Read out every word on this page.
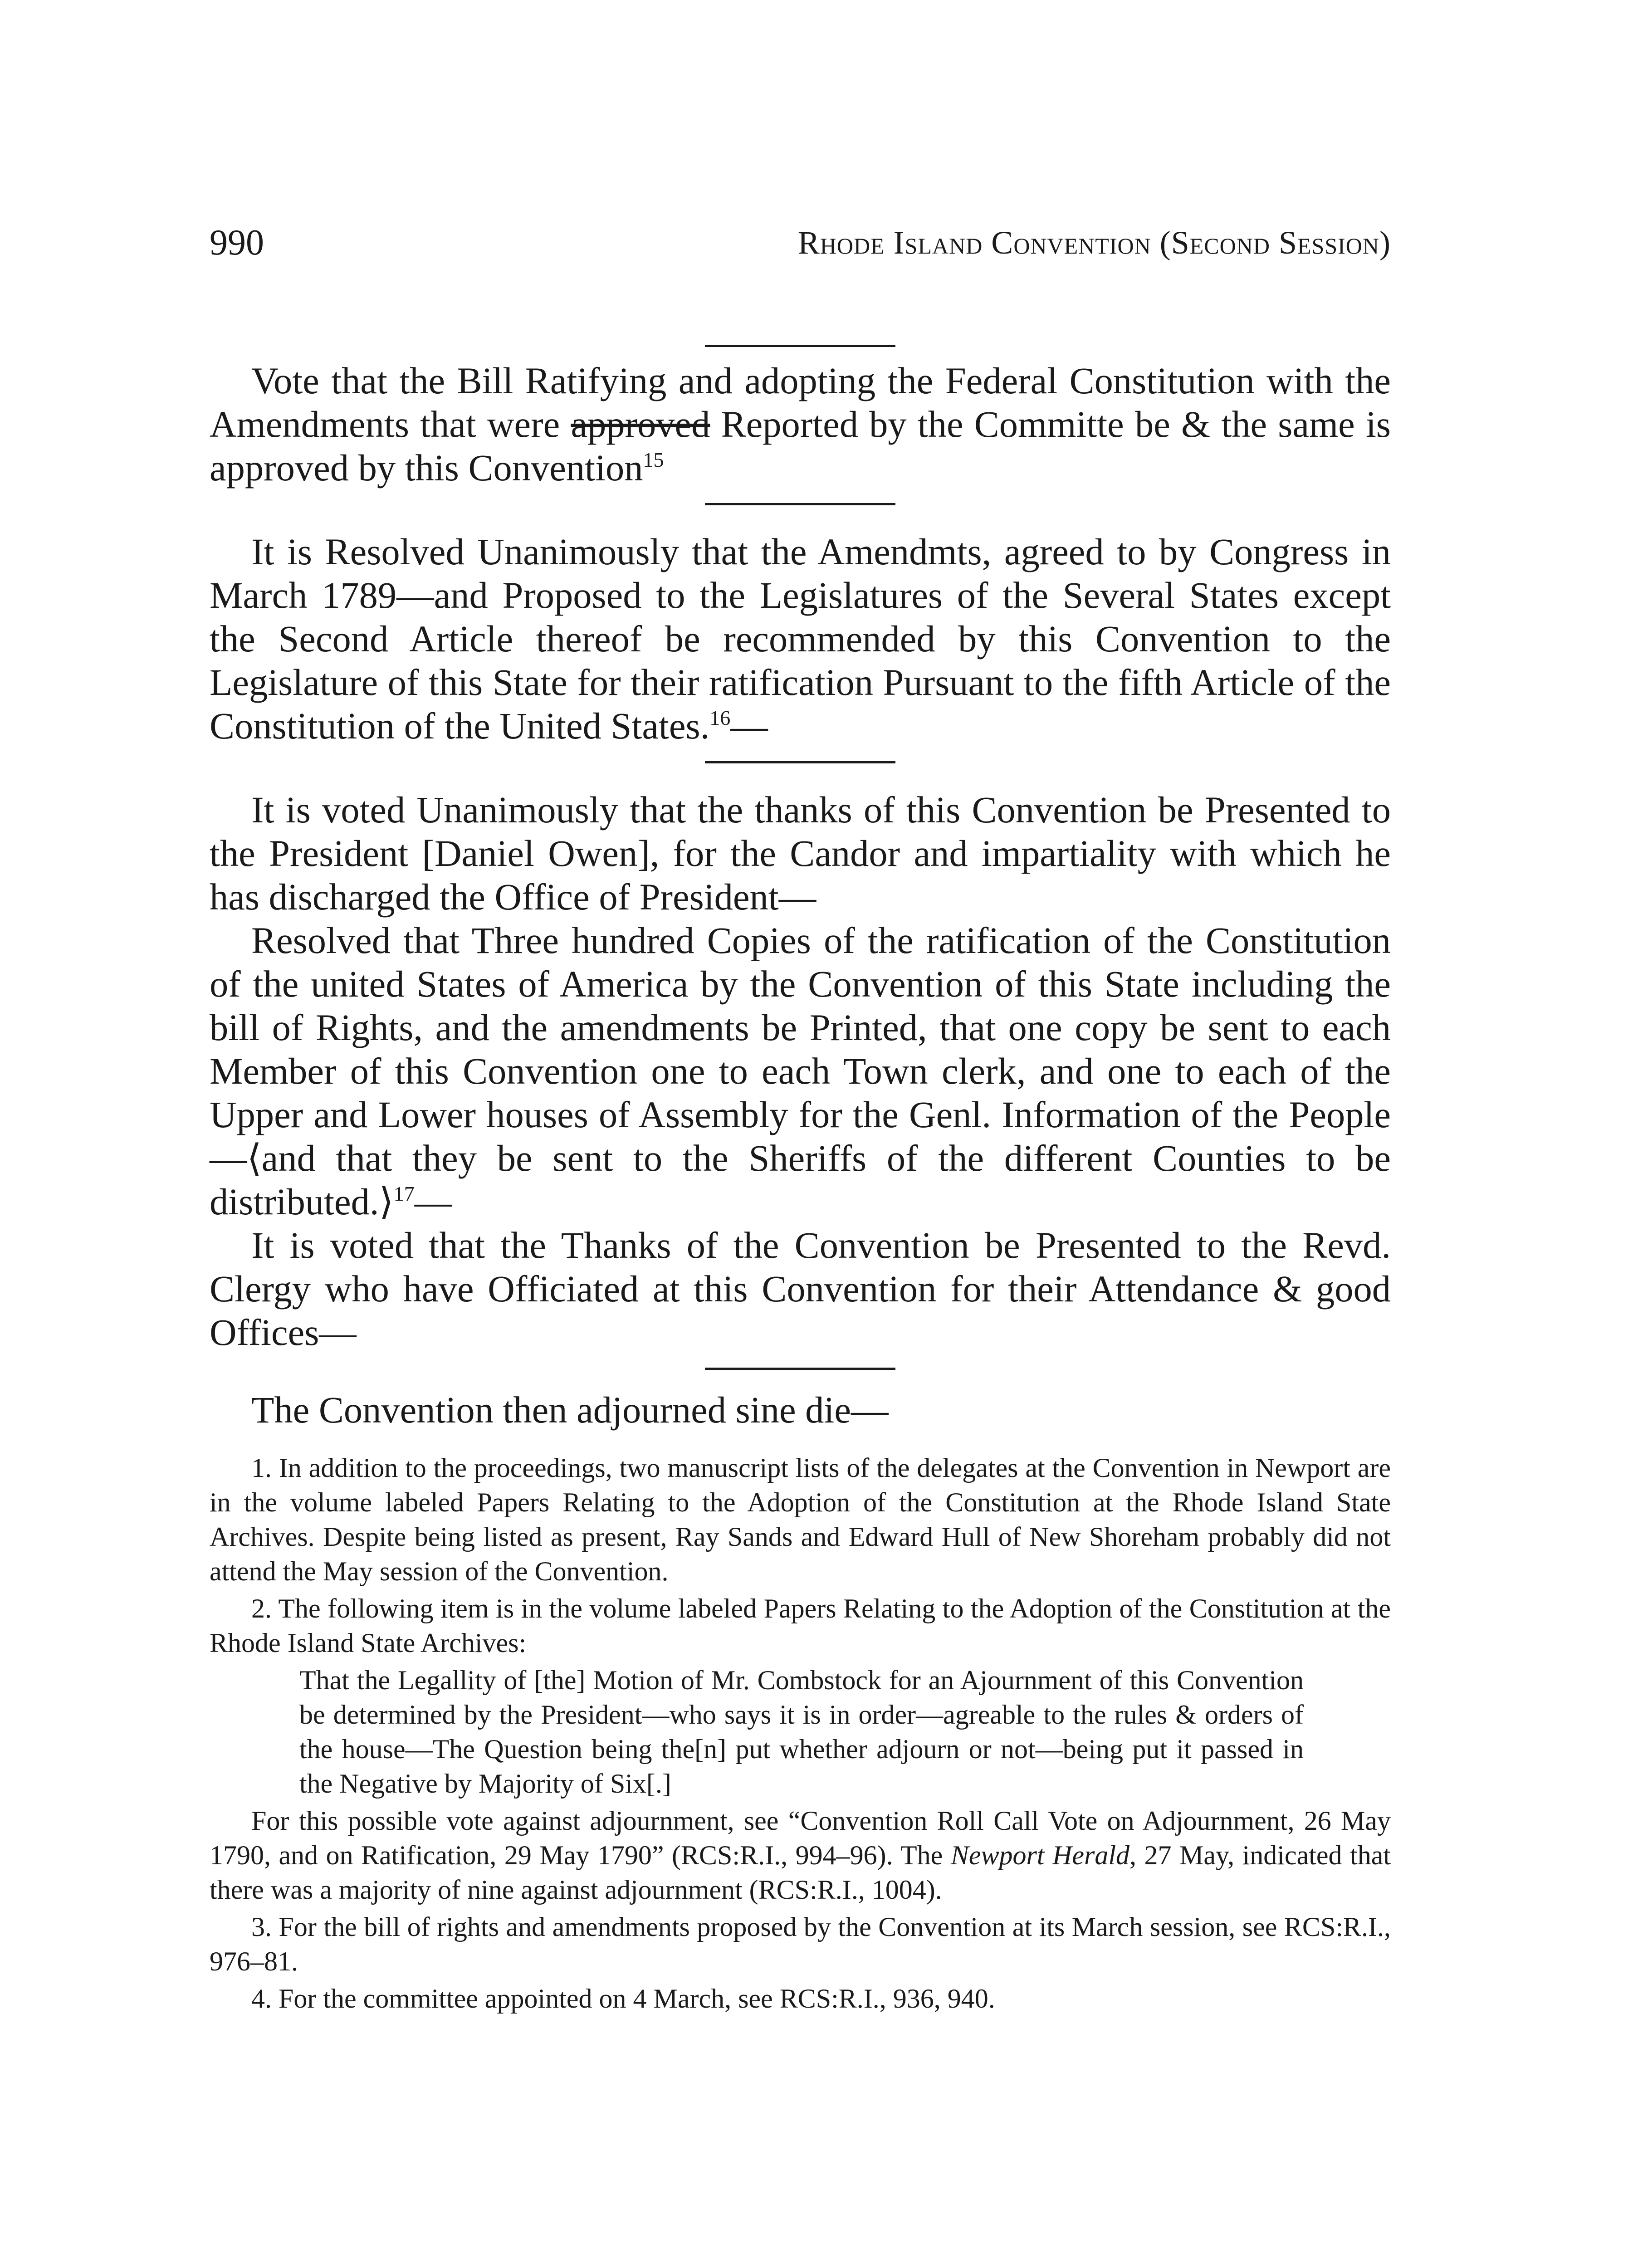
990	Rhode Island Convention (Second Session)

Vote that the Bill Ratifying and adopting the Federal Constitution with the Amendments that were approved Reported by the Committe be & the same is approved by this Convention$^{15}$

It is Resolved Unanimously that the Amendmts, agreed to by Congress in March 1789—and Proposed to the Legislatures of the Several States except the Second Article thereof be recommended by this Convention to the Legislature of this State for their ratification Pursuant to the fifth Article of the Constitution of the United States.$^{16}$—

It is voted Unanimously that the thanks of this Convention be Presented to the President [Daniel Owen], for the Candor and impartiality with which he has discharged the Office of President—

Resolved that Three hundred Copies of the ratification of the Constitution of the united States of America by the Convention of this State including the bill of Rights, and the amendments be Printed, that one copy be sent to each Member of this Convention one to each Town clerk, and one to each of the Upper and Lower houses of Assembly for the Genl. Information of the People—⟨and that they be sent to the Sheriffs of the different Counties to be distributed.⟩$^{17}$—

It is voted that the Thanks of the Convention be Presented to the Revd. Clergy who have Officiated at this Convention for their Attendance & good Offices—

The Convention then adjourned sine die—

1. In addition to the proceedings, two manuscript lists of the delegates at the Convention in Newport are in the volume labeled Papers Relating to the Adoption of the Constitution at the Rhode Island State Archives. Despite being listed as present, Ray Sands and Edward Hull of New Shoreham probably did not attend the May session of the Convention.

2. The following item is in the volume labeled Papers Relating to the Adoption of the Constitution at the Rhode Island State Archives:

That the Legallity of [the] Motion of Mr. Combstock for an Ajournment of this Convention be determined by the President—who says it is in order—agreable to the rules & orders of the house—The Question being the[n] put whether adjourn or not—being put it passed in the Negative by Majority of Six[.]

For this possible vote against adjournment, see “Convention Roll Call Vote on Adjournment, 26 May 1790, and on Ratification, 29 May 1790” (RCS:R.I., 994–96). The Newport Herald, 27 May, indicated that there was a majority of nine against adjournment (RCS:R.I., 1004).

3. For the bill of rights and amendments proposed by the Convention at its March session, see RCS:R.I., 976–81.

4. For the committee appointed on 4 March, see RCS:R.I., 936, 940.
